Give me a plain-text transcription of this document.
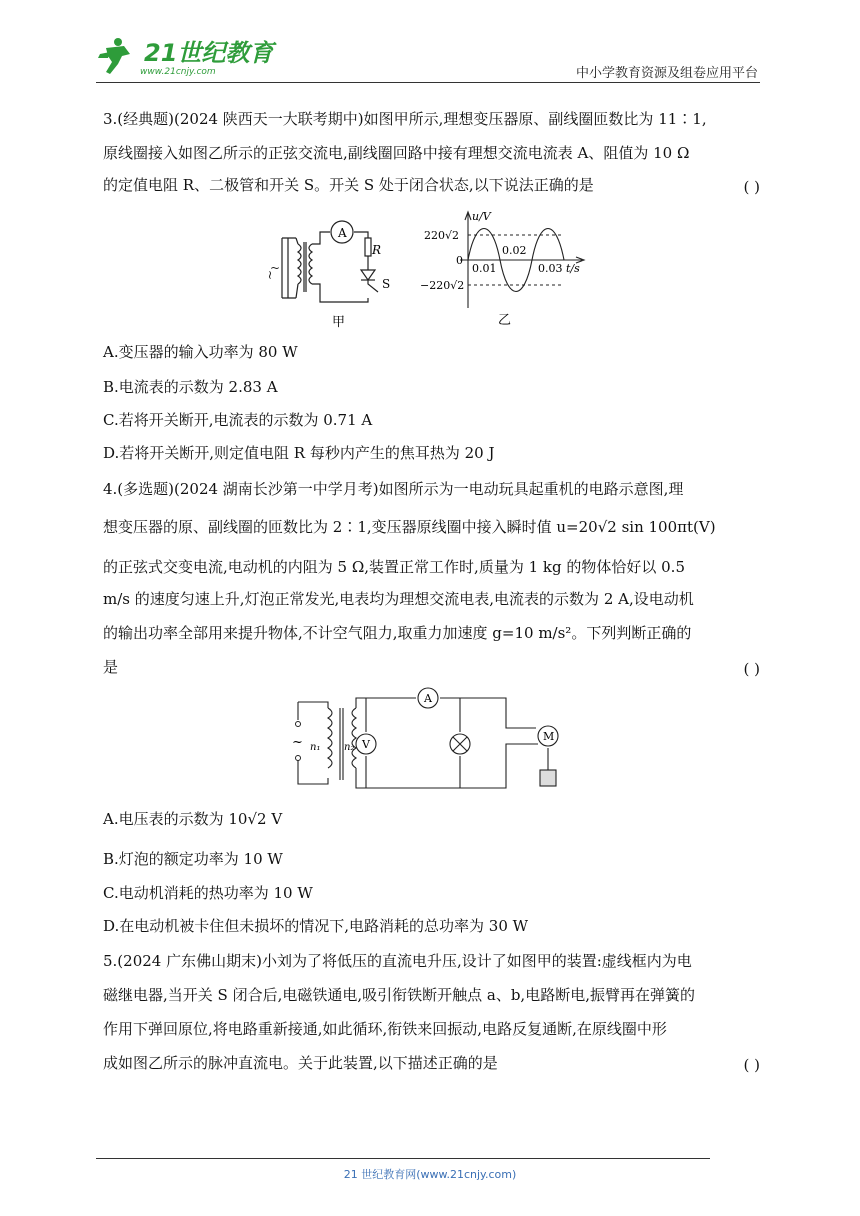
21世纪教育
www.21cnjy.com	中小学教育资源及组卷应用平台
3.(经典题)(2024 陕西天一大联考期中)如图甲所示,理想变压器原、副线圈匝数比为 11∶1,
原线圈接入如图乙所示的正弦交流电,副线圈回路中接有理想交流电流表 A、阻值为 10 Ω
的定值电阻 R、二极管和开关 S。开关 S 处于闭合状态,以下说法正确的是	( )
~
~
A
R
S
甲
u/V
t/s
220√2
0
−220√2
0.01
0.02
0.03
乙
A.变压器的输入功率为 80 W
B.电流表的示数为 2.83 A
C.若将开关断开,电流表的示数为 0.71 A
D.若将开关断开,则定值电阻 R 每秒内产生的焦耳热为 20 J
4.(多选题)(2024 湖南长沙第一中学月考)如图所示为一电动玩具起重机的电路示意图,理
想变压器的原、副线圈的匝数比为 2∶1,变压器原线圈中接入瞬时值 u=20√2 sin 100πt(V)
的正弦式交变电流,电动机的内阻为 5 Ω,装置正常工作时,质量为 1 kg 的物体恰好以 0.5
m/s 的速度匀速上升,灯泡正常发光,电表均为理想交流电表,电流表的示数为 2 A,设电动机
的输出功率全部用来提升物体,不计空气阻力,取重力加速度 g=10 m/s²。下列判断正确的
是	( )
~ n₁ n₂
A
V
M
A.电压表的示数为 10√2 V
B.灯泡的额定功率为 10 W
C.电动机消耗的热功率为 10 W
D.在电动机被卡住但未损坏的情况下,电路消耗的总功率为 30 W
5.(2024 广东佛山期末)小刘为了将低压的直流电升压,设计了如图甲的装置:虚线框内为电
磁继电器,当开关 S 闭合后,电磁铁通电,吸引衔铁断开触点 a、b,电路断电,振臂再在弹簧的
作用下弹回原位,将电路重新接通,如此循环,衔铁来回振动,电路反复通断,在原线圈中形
成如图乙所示的脉冲直流电。关于此装置,以下描述正确的是	( )
21 世纪教育网(www.21cnjy.com)
